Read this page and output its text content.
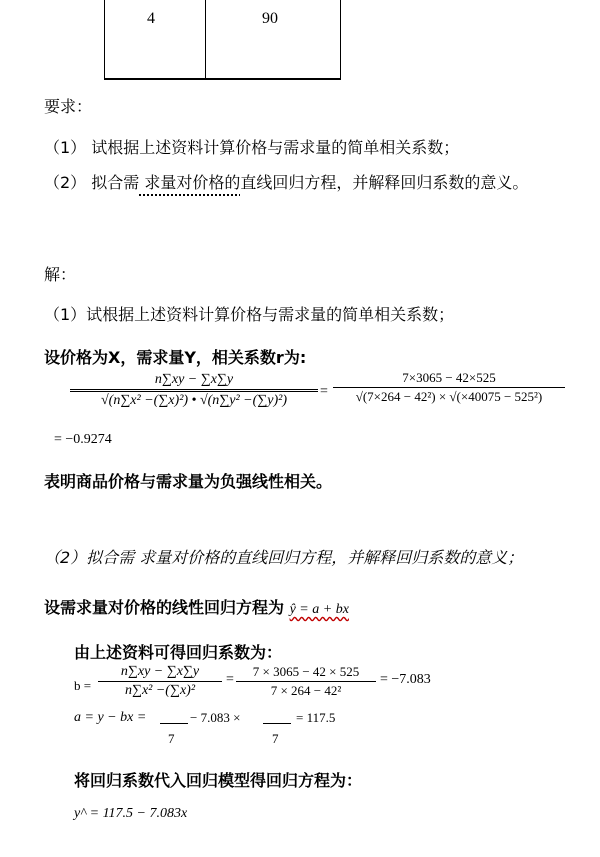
4	90
要求：
（1） 试根据上述资料计算价格与需求量的简单相关系数；
（2） 拟合需 求量对价格的直线回归方程，并解释回归系数的意义。
解：
（1）试根据上述资料计算价格与需求量的简单相关系数；
设价格为X，需求量Y，相关系数r为:
$\frac{n\sum xy - \sum x\sum y}{\text{√(n∑x² −(∑x)²) • √(n∑y² −(∑y)²)}}$ =
7×3065 − 42×525
√(7×264 − 42²) × √(×40075 − 525²)
= −0.9274
表明商品价格与需求量为负强线性相关。
（2）拟合需 求量对价格的直线回归方程，并解释回归系数的意义；
设需求量对价格的线性回归方程为 ŷ = a + bx
由上述资料可得回归系数为：
b =
n∑xy − ∑x∑y
n∑x² −(∑x)²
=
7 × 3065 − 42 × 525
7 × 264 − 42²
= −7.083
a = y − bx =
7
− 7.083 ×
7
= 117.5
将回归系数代入回归模型得回归方程为：
y^ = 117.5 − 7.083x
